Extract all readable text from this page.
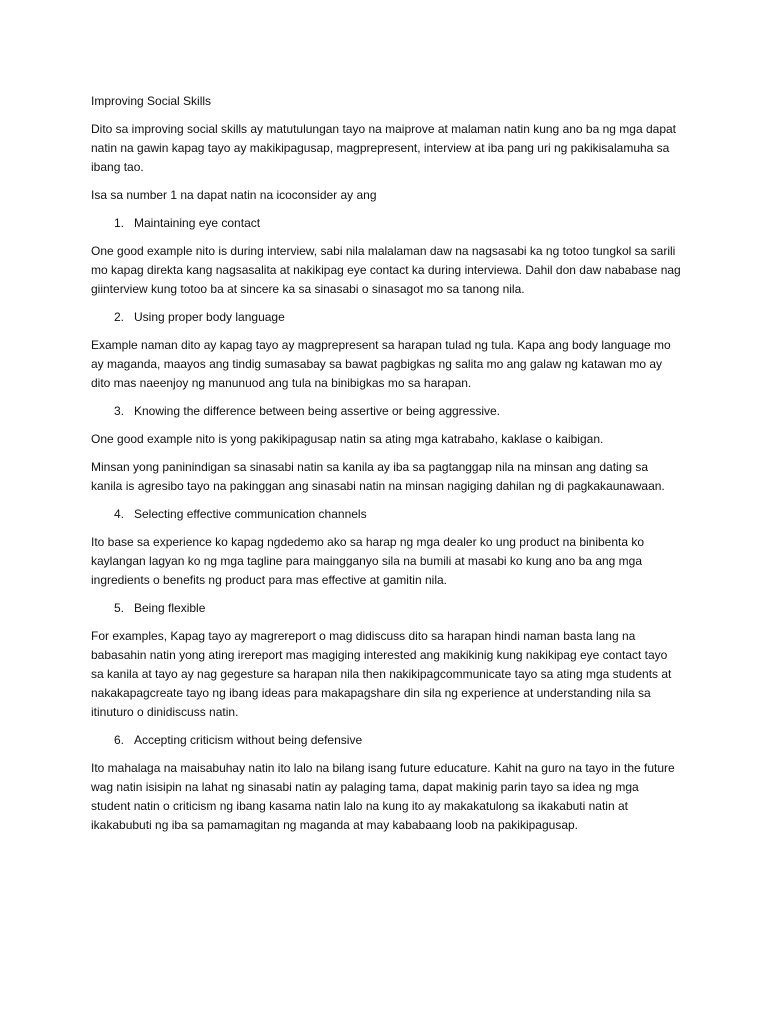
Improving Social Skills

Dito sa improving social skills ay matutulungan tayo na maiprove at malaman natin kung ano ba ng mga dapat natin na gawin kapag tayo ay makikipagusap, magprepresent, interview at iba pang uri ng pakikisalamuha sa ibang tao.

Isa sa number 1 na dapat natin na icoconsider ay ang

1. Maintaining eye contact

One good example nito is during interview, sabi nila malalaman daw na nagsasabi ka ng totoo tungkol sa sarili mo kapag direkta kang nagsasalita at nakikipag eye contact ka during interviewa. Dahil don daw nababase nag giinterview kung totoo ba at sincere ka sa sinasabi o sinasagot mo sa tanong nila.

2. Using proper body language

Example naman dito ay kapag tayo ay magprepresent sa harapan tulad ng tula. Kapa ang body language mo ay maganda, maayos ang tindig sumasabay sa bawat pagbigkas ng salita mo ang galaw ng katawan mo ay dito mas naeenjoy ng manunuod ang tula na binibigkas mo sa harapan.

3. Knowing the difference between being assertive or being aggressive.

One good example nito is yong pakikipagusap natin sa ating mga katrabaho, kaklase o kaibigan.

Minsan yong paninindigan sa sinasabi natin sa kanila ay iba sa pagtanggap nila na minsan ang dating sa kanila is agresibo tayo na pakinggan ang sinasabi natin na minsan nagiging dahilan ng di pagkakaunawaan.

4. Selecting effective communication channels

Ito base sa experience ko kapag ngdedemo ako sa harap ng mga dealer ko ung product na binibenta ko kaylangan lagyan ko ng mga tagline para maingganyo sila na bumili at masabi ko kung ano ba ang mga ingredients o benefits ng product para mas effective at gamitin nila.

5. Being flexible

For examples, Kapag tayo ay magrereport o mag didiscuss dito sa harapan hindi naman basta lang na babasahin natin yong ating irereport mas magiging interested ang makikinig kung nakikipag eye contact tayo sa kanila at tayo ay nag gegesture sa harapan nila then nakikipagcommunicate tayo sa ating mga students at nakakapagcreate tayo ng ibang ideas para makapagshare din sila ng experience at understanding nila sa itinuturo o dinidiscuss natin.

6. Accepting criticism without being defensive

Ito mahalaga na maisabuhay natin ito lalo na bilang isang future educature. Kahit na guro na tayo in the future wag natin isisipin na lahat ng sinasabi natin ay palaging tama, dapat makinig parin tayo sa idea ng mga student natin o criticism ng ibang kasama natin lalo na kung ito ay makakatulong sa ikakabuti natin at ikakabubuti ng iba sa pamamagitan ng maganda at may kababaang loob na pakikipagusap.
